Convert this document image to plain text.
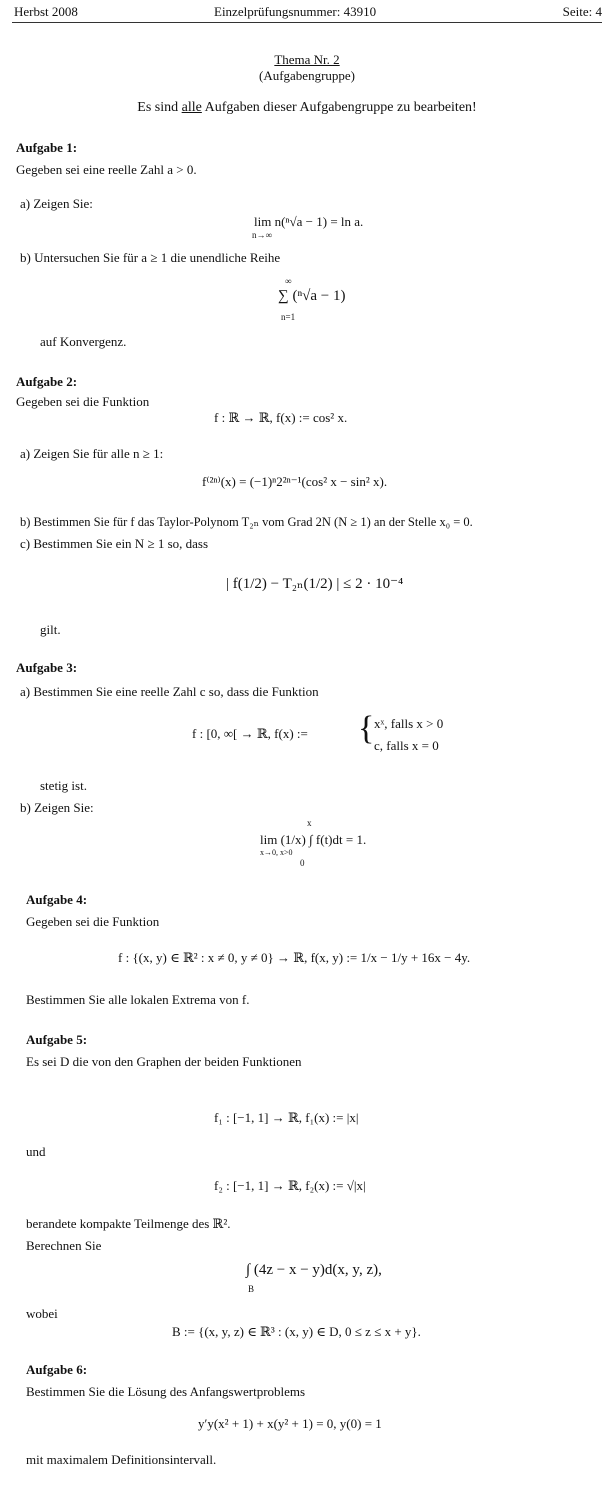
Herbst 2008	Einzelprüfungsnummer: 43910	Seite: 4
Thema Nr. 2
(Aufgabengruppe)
Es sind alle Aufgaben dieser Aufgabengruppe zu bearbeiten!
Aufgabe 1:
Gegeben sei eine reelle Zahl a > 0.
a) Zeigen Sie:
lim n(ⁿ√a − 1) = ln a.
n→∞
b) Untersuchen Sie für a ≥ 1 die unendliche Reihe
∞
∑ (ⁿ√a − 1)
n=1
auf Konvergenz.
Aufgabe 2:
Gegeben sei die Funktion
f : ℝ → ℝ, f(x) := cos² x.
a) Zeigen Sie für alle n ≥ 1:
f⁽²ⁿ⁾(x) = (−1)ⁿ2²ⁿ⁻¹(cos² x − sin² x).
b) Bestimmen Sie für f das Taylor-Polynom T₂ₙ vom Grad 2N (N ≥ 1) an der Stelle x₀ = 0.
c) Bestimmen Sie ein N ≥ 1 so, dass
| f(1/2) − T₂ₙ(1/2) | ≤ 2 · 10⁻⁴
gilt.
Aufgabe 3:
a) Bestimmen Sie eine reelle Zahl c so, dass die Funktion
f : [0, ∞[ → ℝ, f(x) := { xˣ, falls x > 0
c, falls x = 0
stetig ist.
b) Zeigen Sie:
x
lim (1/x) ∫ f(t)dt = 1.
x→0, x>0
0
Aufgabe 4:
Gegeben sei die Funktion
f : {(x, y) ∈ ℝ² : x ≠ 0, y ≠ 0} → ℝ, f(x, y) := 1/x − 1/y + 16x − 4y.
Bestimmen Sie alle lokalen Extrema von f.
Aufgabe 5:
Es sei D die von den Graphen der beiden Funktionen
f₁ : [−1, 1] → ℝ, f₁(x) := |x|
und
f₂ : [−1, 1] → ℝ, f₂(x) := √|x|
berandete kompakte Teilmenge des ℝ².
Berechnen Sie
∫ (4z − x − y)d(x, y, z),
B
wobei
B := {(x, y, z) ∈ ℝ³ : (x, y) ∈ D, 0 ≤ z ≤ x + y}.
Aufgabe 6:
Bestimmen Sie die Lösung des Anfangswertproblems
y′y(x² + 1) + x(y² + 1) = 0, y(0) = 1
mit maximalem Definitionsintervall.
